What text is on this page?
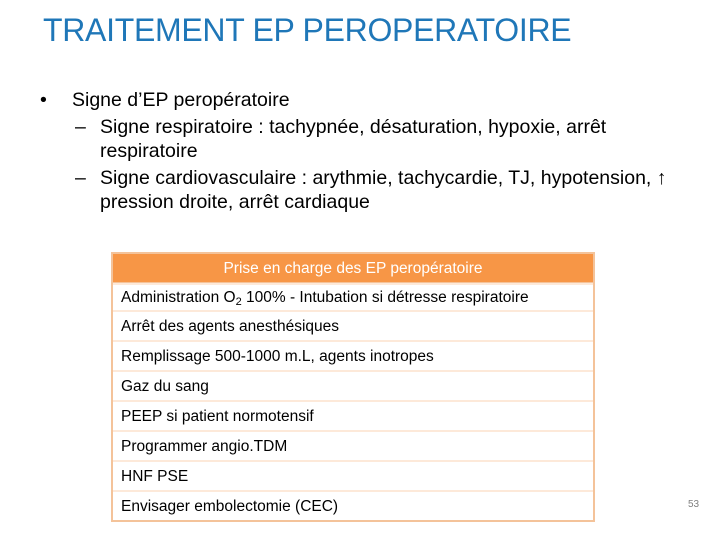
TRAITEMENT EP PEROPERATOIRE
• Signe d’EP peropératoire
– Signe respiratoire : tachypnée, désaturation, hypoxie, arrêt respiratoire
– Signe cardiovasculaire : arythmie, tachycardie, TJ, hypotension, ↑ pression droite, arrêt cardiaque
Prise en charge des EP peropératoire
Administration $O_2$ 100% - Intubation si détresse respiratoire
Arrêt des agents anesthésiques
Remplissage 500-1000 m.L, agents inotropes
Gaz du sang
PEEP si patient normotensif
Programmer angio.TDM
HNF PSE
Envisager embolectomie (CEC)	53
